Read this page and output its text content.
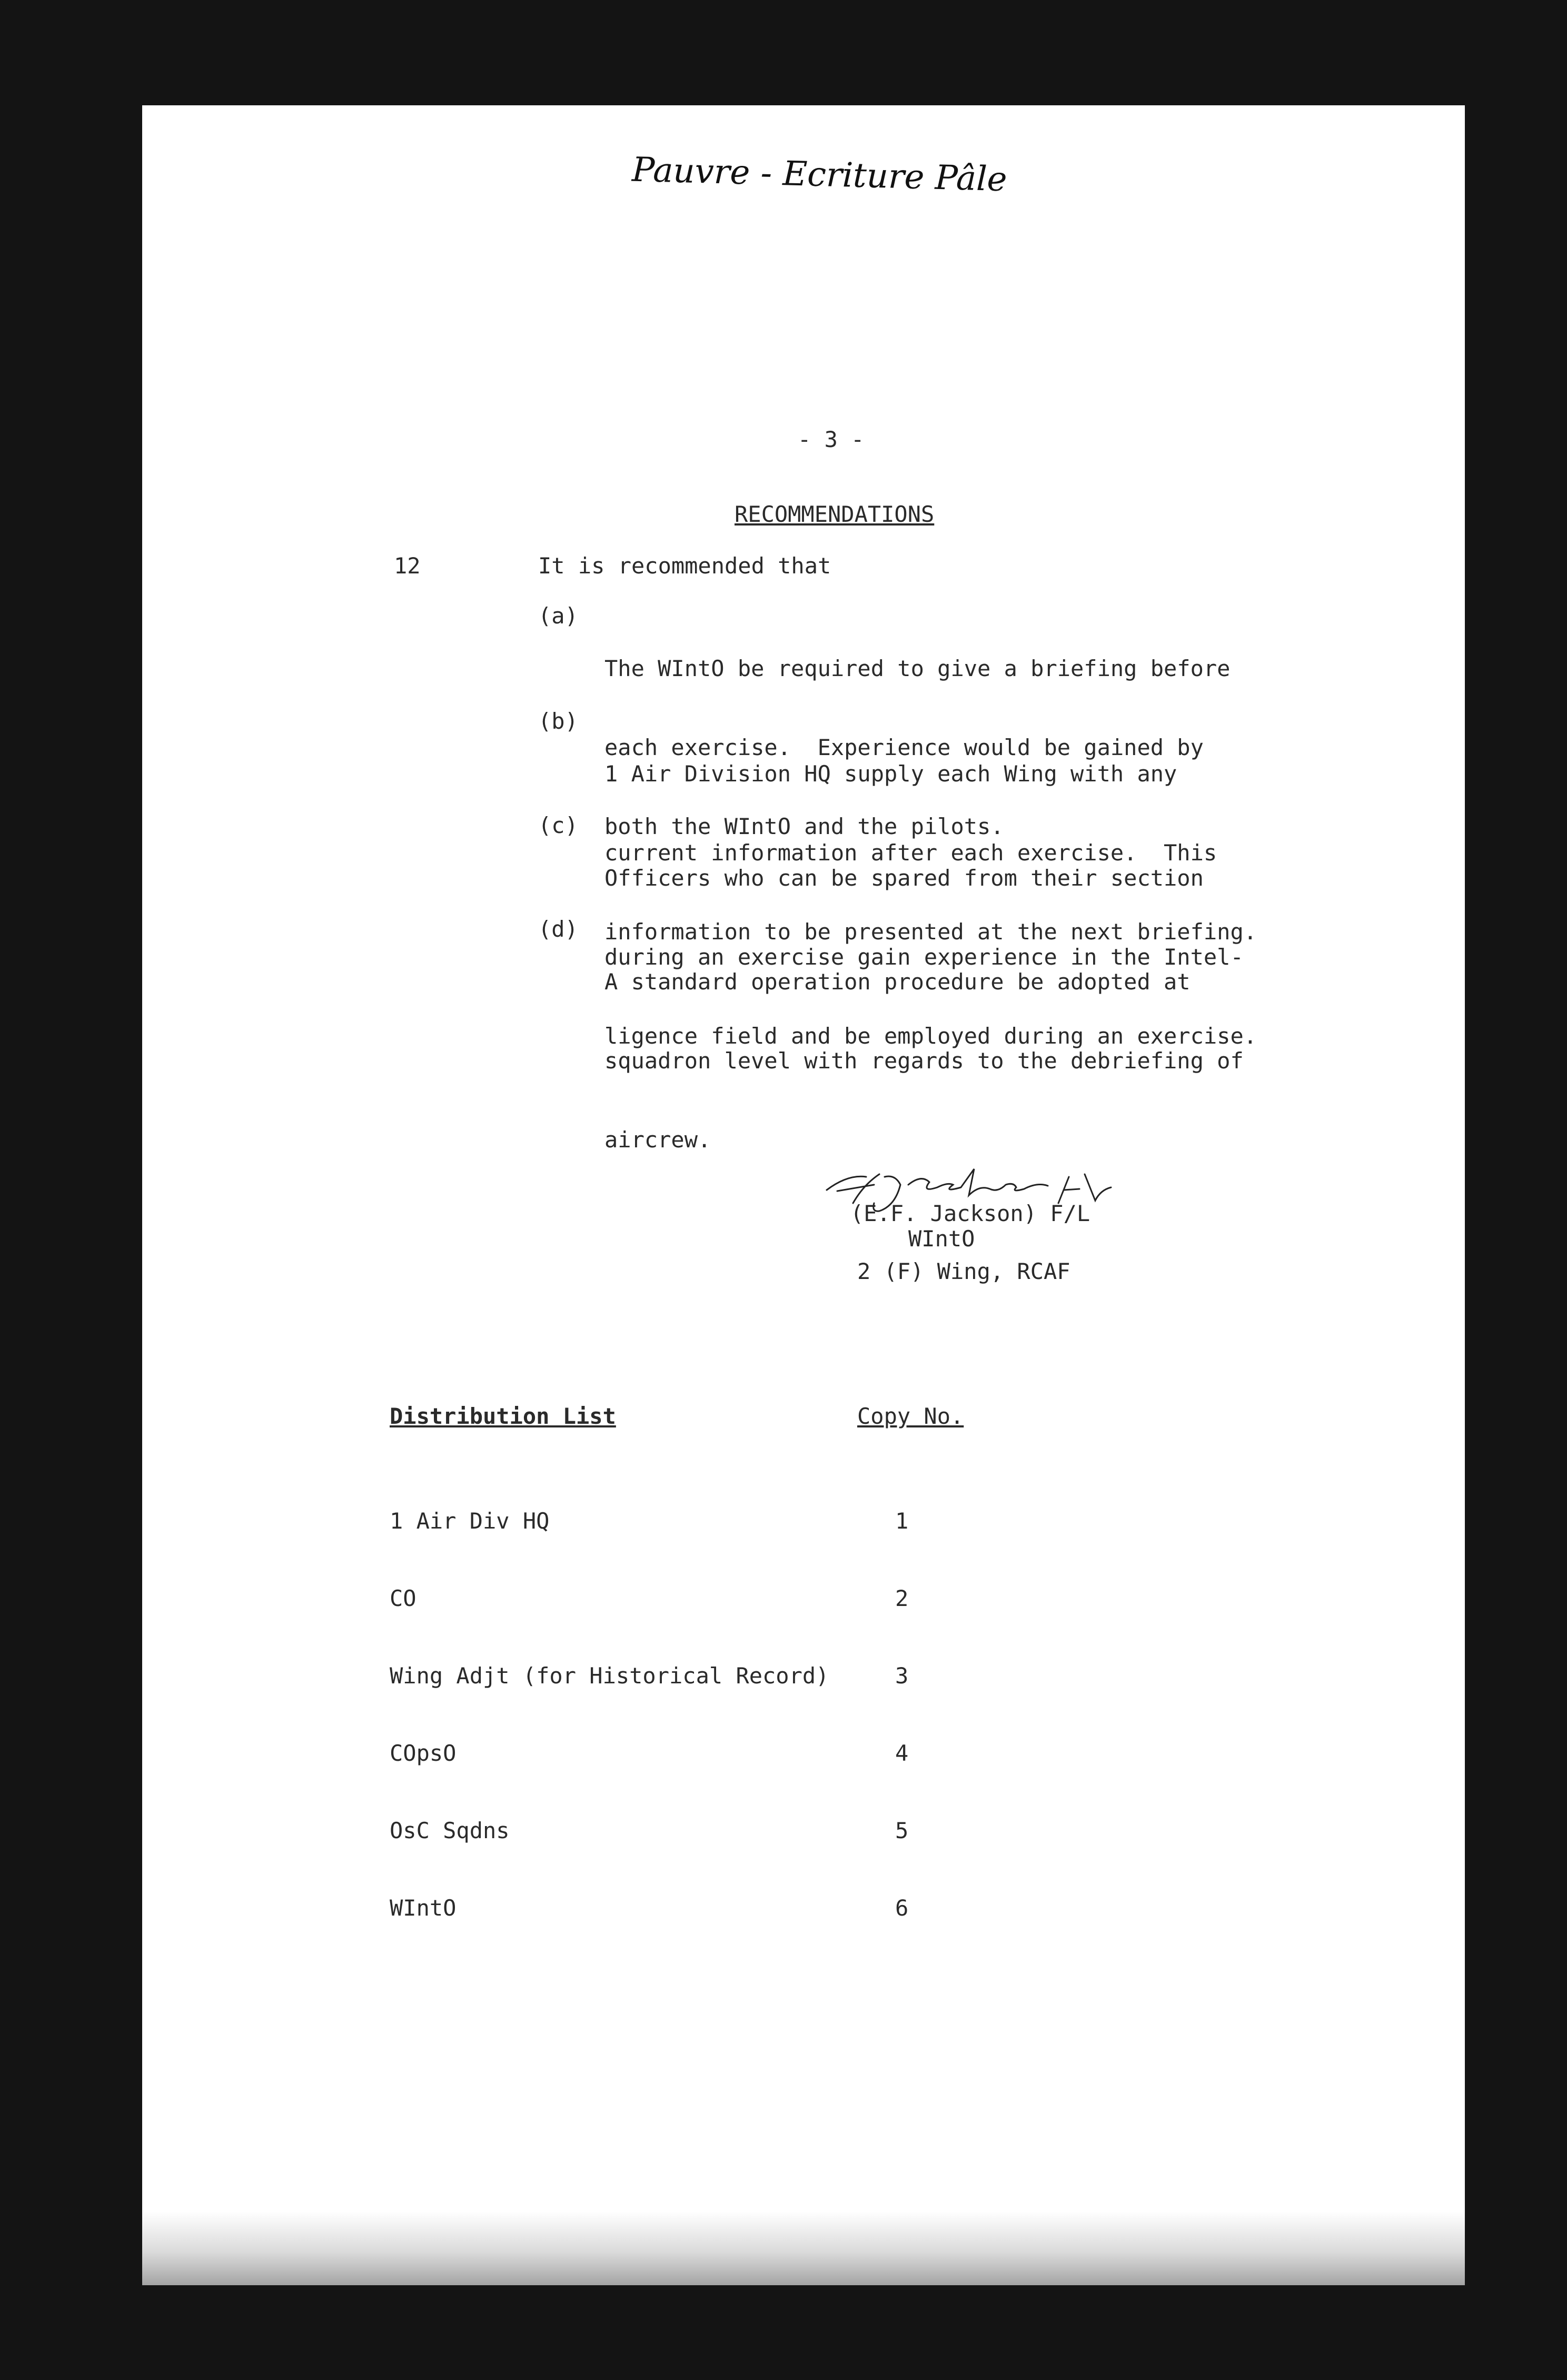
Pauvre - Ecriture Pâle
- 3 -
RECOMMENDATIONS
12	It is recommended that
(a)

The WIntO be required to give a briefing before

each exercise.  Experience would be gained by

both the WIntO and the pilots.

(b)

1 Air Division HQ supply each Wing with any

current information after each exercise.  This

information to be presented at the next briefing.

(c)

Officers who can be spared from their section

during an exercise gain experience in the Intel-

ligence field and be employed during an exercise.

(d)

A standard operation procedure be adopted at

squadron level with regards to the debriefing of

aircrew.

(E.F. Jackson) F/L
WIntO
2 (F) Wing, RCAF
Distribution List	Copy No.

1 Air Div HQ

CO

Wing Adjt (for Historical Record)

COpsO

OsC Sqdns

WIntO

1

2

3

4

5

6
